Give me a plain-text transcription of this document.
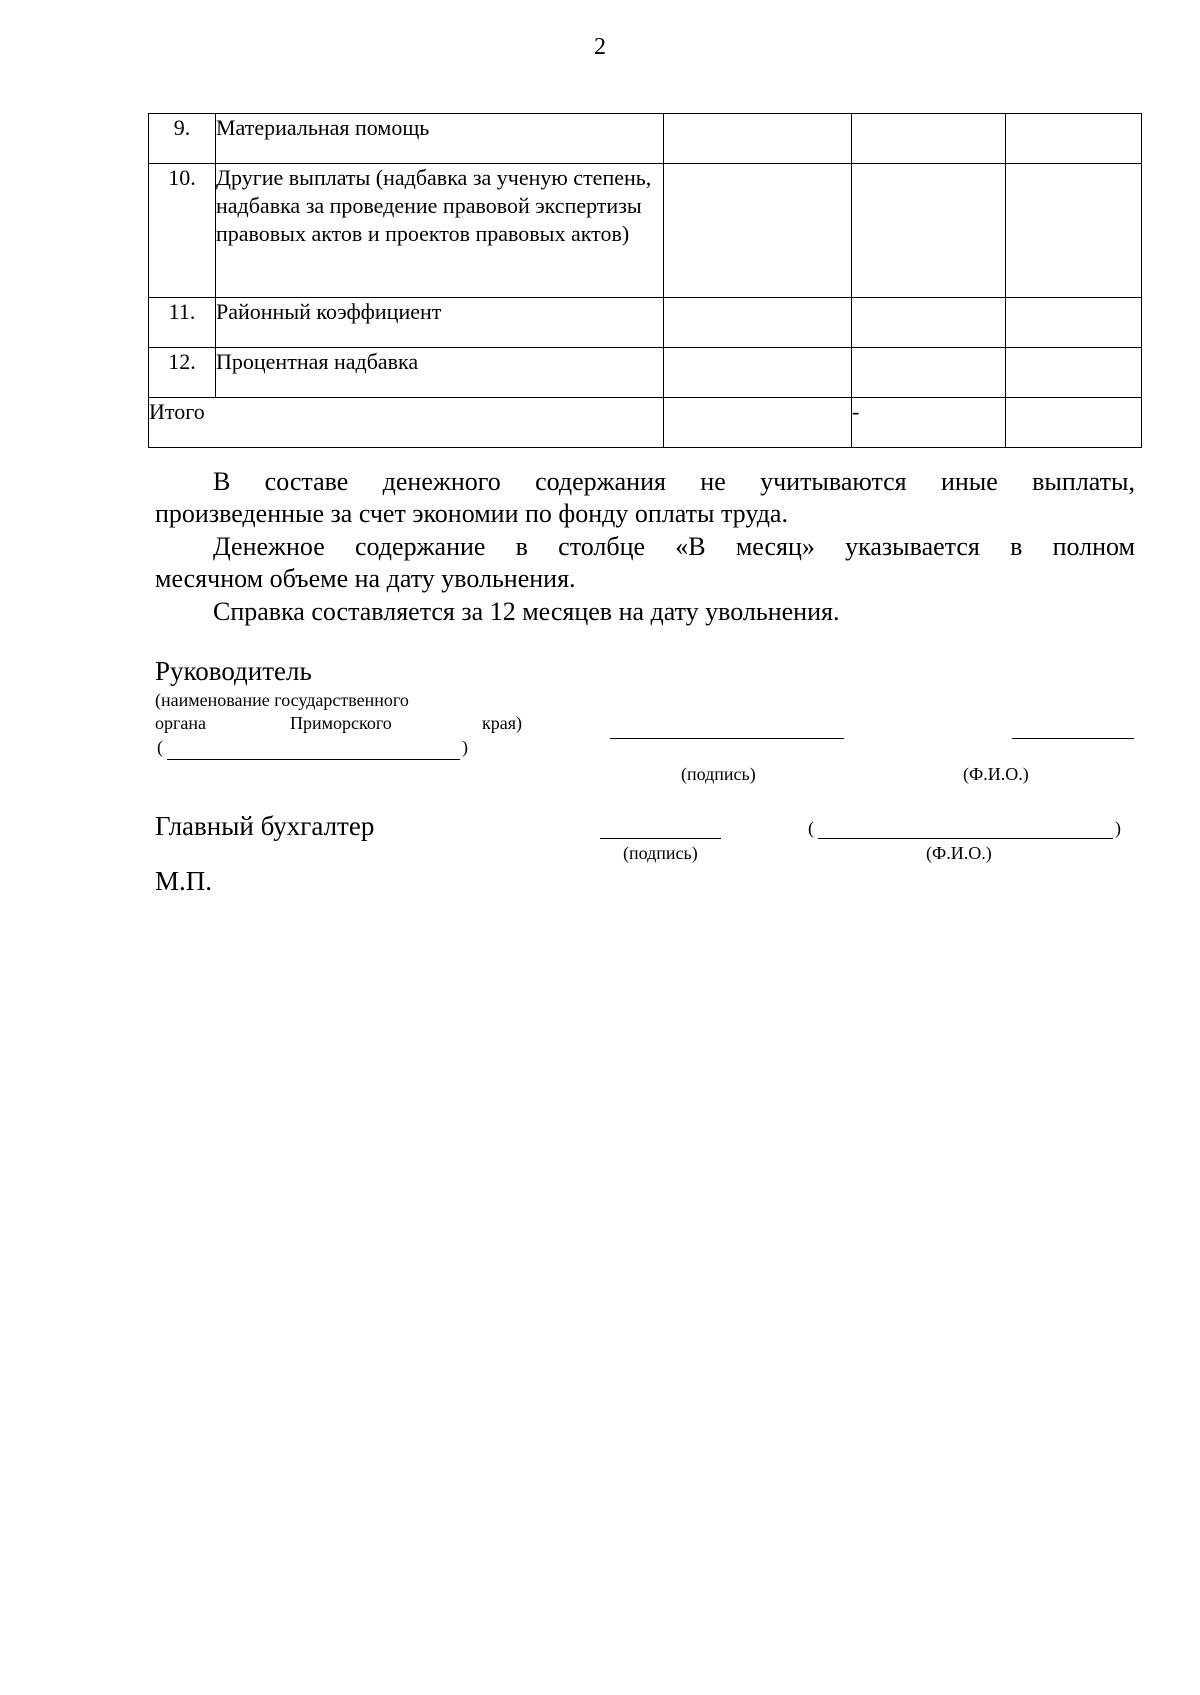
2
9.	Материальная помощь			
10.	Другие выплаты (надбавка за ученую степень, надбавка за проведение правовой экспертизы правовых актов и проектов правовых актов)			
11.	Районный коэффициент			
12.	Процентная надбавка			
Итого			-	
В составе денежного содержания не учитываются иные выплаты,
произведенные за счет экономии по фонду оплаты труда.
Денежное содержание в столбце «В месяц» указывается в полном
месячном объеме на дату увольнения.
Справка составляется за 12 месяцев на дату увольнения.
Руководитель
(наименование государственного
органа	Приморского	края)
(	)
(подпись)	(Ф.И.О.)
Главный бухгалтер	(	)
(подпись)	(Ф.И.О.)
М.П.
